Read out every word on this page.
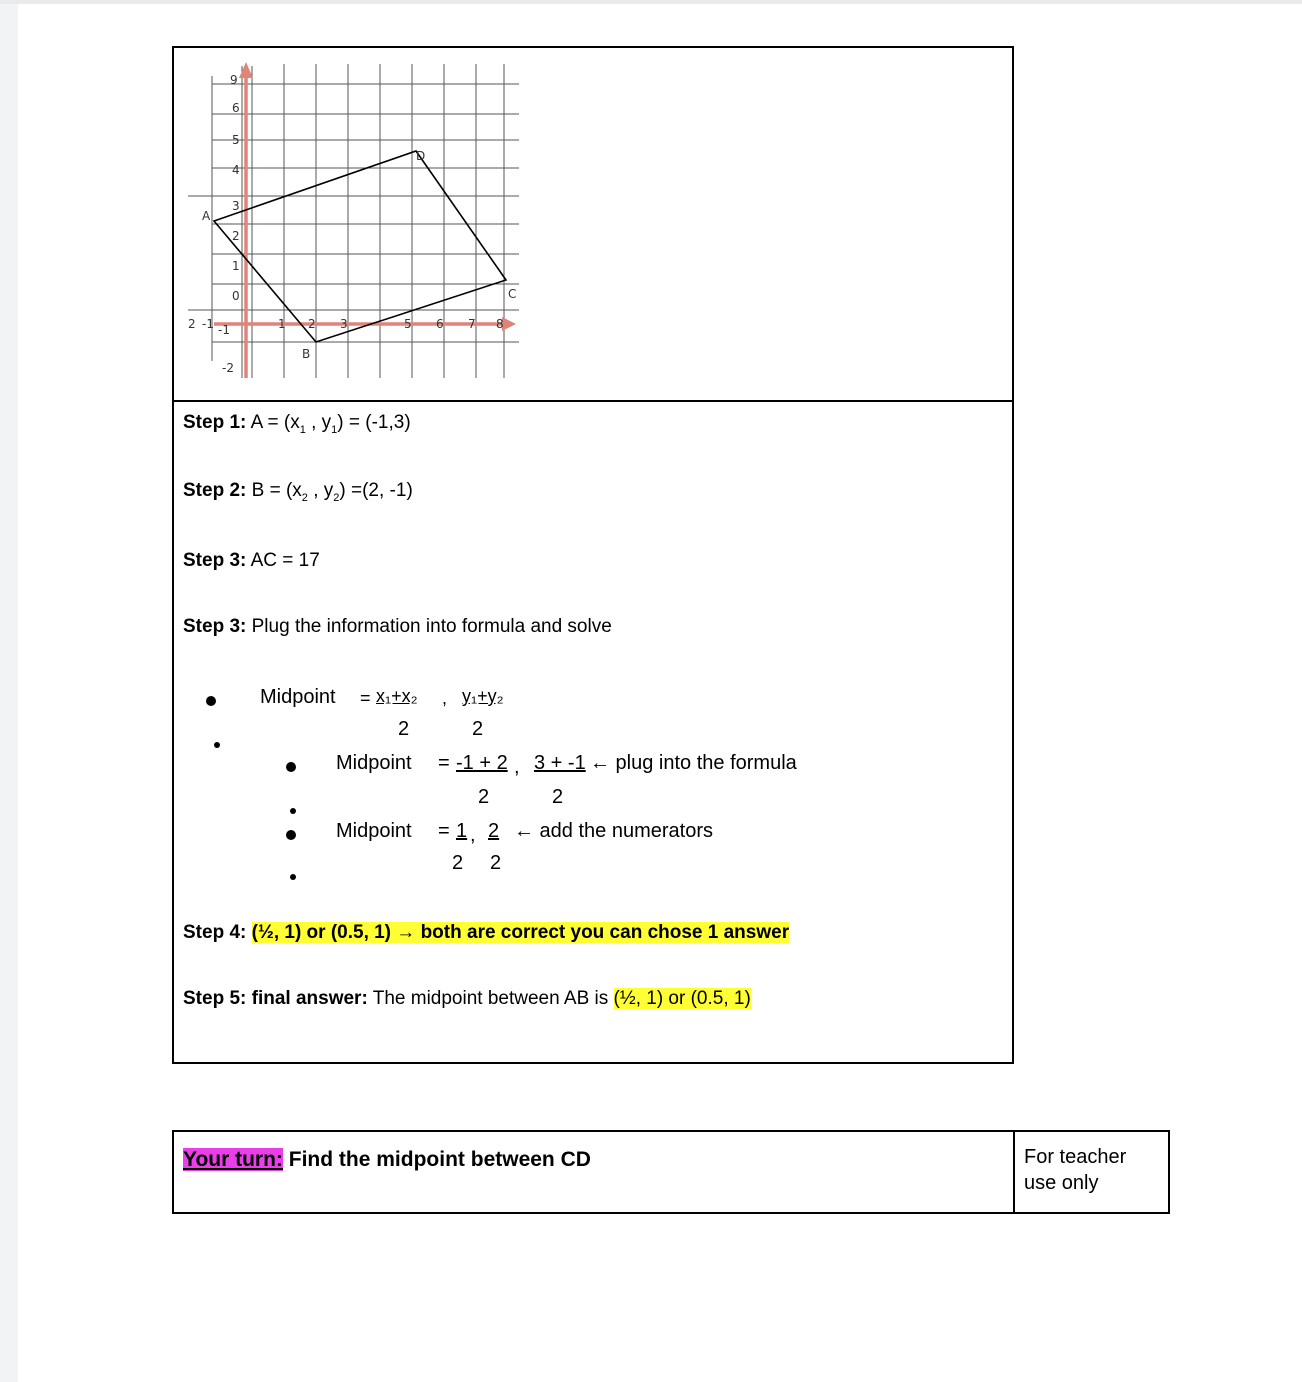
9
6
5
4
3
2
1
0
-1
-2
2	1 2 3	5 6 7 8
-1
A
B
C
D
Step 1: $A = (x_1$ , $y_1) = (-1,3)$
Step 2: $B = (x_2$ , $y_2) =(2$, -1)
Step 3: AC = 17
Step 3: Plug the information into formula and solve
Midpoint = x₁+x₂ , y₁+y₂
2	2
Midpoint = -1 + 2 , 3 + -1 ← plug into the formula
2	2
Midpoint = 1 , 2 ← add the numerators
2 2
Step 4: (½, 1) or (0.5, 1) → both are correct you can chose 1 answer
Step 5: final answer: The midpoint between AB is (½, 1) or (0.5, 1)
Your turn: Find the midpoint between CD	For teacher use only
